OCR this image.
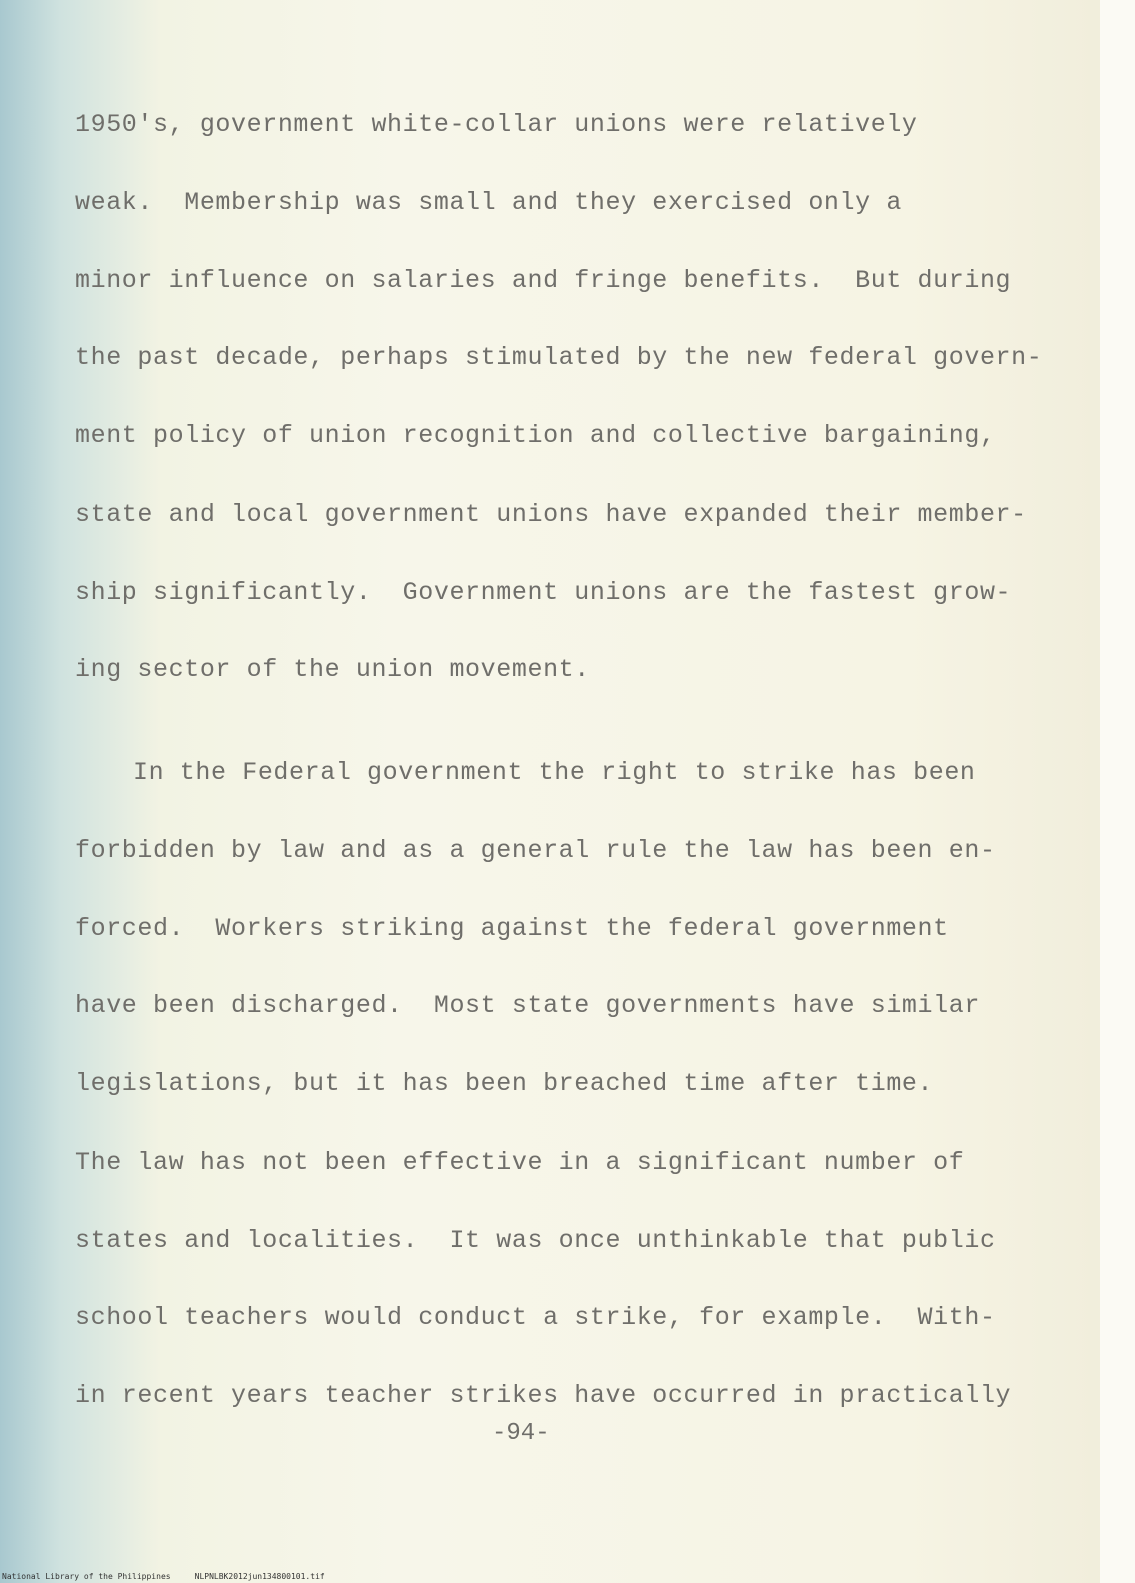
1950's, government white-collar unions were relatively

weak.  Membership was small and they exercised only a

minor influence on salaries and fringe benefits.  But during

the past decade, perhaps stimulated by the new federal govern-

ment policy of union recognition and collective bargaining,

state and local government unions have expanded their member-

ship significantly.  Government unions are the fastest grow-

ing sector of the union movement.

In the Federal government the right to strike has been

forbidden by law and as a general rule the law has been en-

forced.  Workers striking against the federal government

have been discharged.  Most state governments have similar

legislations, but it has been breached time after time.

The law has not been effective in a significant number of

states and localities.  It was once unthinkable that public

school teachers would conduct a strike, for example.  With-

in recent years teacher strikes have occurred in practically

-94-
National Library of the Philippines     NLPNLBK2012jun134800101.tif
